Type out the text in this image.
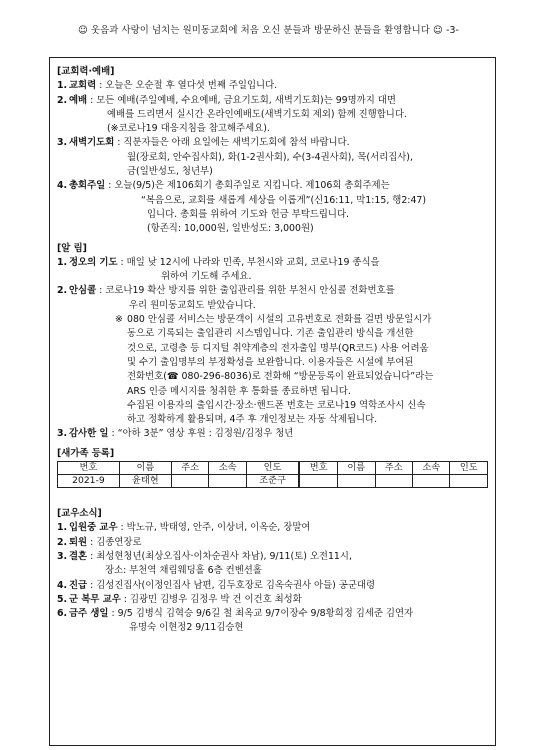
☺ 웃음과 사랑이 넘치는 원미동교회에 처음 오신 분들과 방문하신 분들을 환영합니다 ☺ -3-
[교회력·예배]
1. 교회력 : 오늘은 오순절 후 열다섯 번째 주일입니다.
2. 예배 : 모든 예배(주일예배, 수요예배, 금요기도회, 새벽기도회)는 99명까지 대면
예배를 드리면서 실시간 온라인예배도(새벽기도회 제외) 함께 진행합니다.
(※코로나19 대응지침을 참고해주세요).
3. 새벽기도회 : 직분자들은 아래 요일에는 새벽기도회에 참석 바랍니다.
월(장로회, 안수집사회), 화(1-2권사회), 수(3-4권사회), 목(서리집사),
금(일반성도, 청년부)
4. 총회주일 : 오늘(9/5)은 제106회기 총회주일로 지킵니다. 제106회 총회주제는
“복음으로, 교회를 새롭게 세상을 이롭게”(신16:11, 막1:15, 행2:47)
입니다. 총회를 위하여 기도와 헌금 부탁드립니다.
(항존직: 10,000원, 일반성도: 3,000원)
[알 림]
1. 정오의 기도 : 매일 낮 12시에 나라와 민족, 부천시와 교회, 코로나19 종식을
위하여 기도해 주세요.
2. 안심콜 : 코로나19 확산 방지를 위한 출입관리를 위한 부천시 안심콜 전화번호를
우리 원미동교회도 받았습니다.
※ 080 안심콜 서비스는 방문객이 시설의 고유번호로 전화를 걸면 방문일시가
동으로 기록되는 출입관리 시스템입니다. 기존 출입관리 방식을 개선한
것으로, 고령층 등 디지털 취약계층의 전자출입 명부(QR코드) 사용 어려움
및 수기 출입명부의 부정확성을 보완합니다. 이용자들은 시설에 부여된
전화번호(☎ 080-296-8036)로 전화해 “방문등록이 완료되었습니다”라는
ARS 인증 메시지를 청취한 후 통화를 종료하면 됩니다.
수집된 이용자의 출입시간·장소·핸드폰 번호는 코로나19 역학조사시 신속
하고 정확하게 활용되며, 4주 후 개인정보는 자동 삭제됩니다.
3. 감사한 일 : “아하 3분” 영상 후원 : 김정원/김정우 청년
[새가족 등록]
번호	이름	주소	소속	인도	번호	이름	주소	소속	인도
2021-9	윤태현			조준구					
[교우소식]
1. 입원중 교우 : 박노규, 박태영, 안주, 이상녀, 이옥순, 장말여
2. 퇴원 : 김종연장로
3. 결혼 : 최성현청년(최상오집사·이차순권사 차남), 9/11(토) 오전11시,
장소: 부천역 채림웨딩홀 6층 컨벤션홀
4. 진급 : 김성진집사(이정인집사 남편, 김두호장로 김옥숙권사 아들) 공군대령
5. 군 복무 교우 : 김광민 김병우 김정우 박 건 이건호 최성화
6. 금주 생일 : 9/5 김병식 김혁승 9/6길 철 최옥교 9/7이장수 9/8황희정 김세준 김연자
유명숙 이현정2 9/11김승현
